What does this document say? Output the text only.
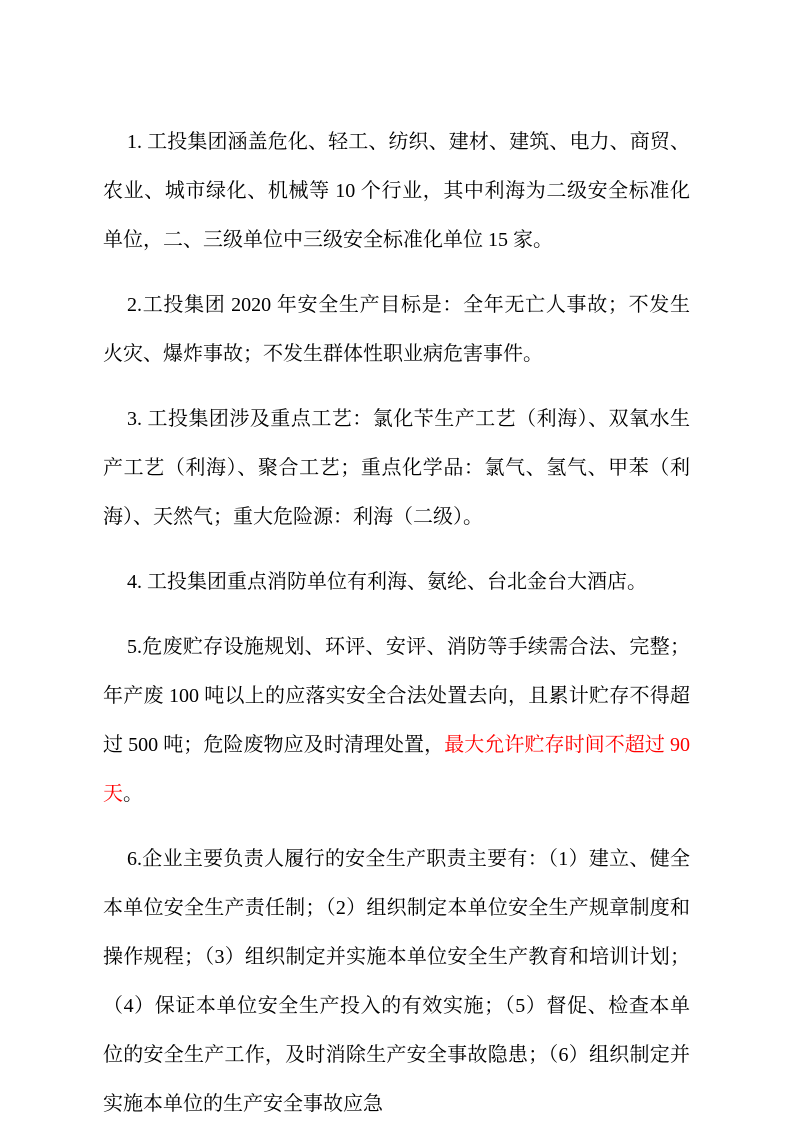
1. 工投集团涵盖危化、轻工、纺织、建材、建筑、电力、商贸、农业、城市绿化、机械等 10 个行业，其中利海为二级安全标准化单位，二、三级单位中三级安全标准化单位 15 家。

2.工投集团 2020 年安全生产目标是：全年无亡人事故；不发生火灾、爆炸事故；不发生群体性职业病危害事件。

3. 工投集团涉及重点工艺：氯化苄生产工艺（利海）、双氧水生产工艺（利海）、聚合工艺；重点化学品：氯气、氢气、甲苯（利海）、天然气；重大危险源：利海（二级）。

4. 工投集团重点消防单位有利海、氨纶、台北金台大酒店。

5.危废贮存设施规划、环评、安评、消防等手续需合法、完整；年产废 100 吨以上的应落实安全合法处置去向，且累计贮存不得超过 500 吨；危险废物应及时清理处置，最大允许贮存时间不超过 90 天。

6.企业主要负责人履行的安全生产职责主要有：（1）建立、健全本单位安全生产责任制；（2）组织制定本单位安全生产规章制度和操作规程；（3）组织制定并实施本单位安全生产教育和培训计划；（4）保证本单位安全生产投入的有效实施；（5）督促、检查本单位的安全生产工作，及时消除生产安全事故隐患；（6）组织制定并实施本单位的生产安全事故应急
